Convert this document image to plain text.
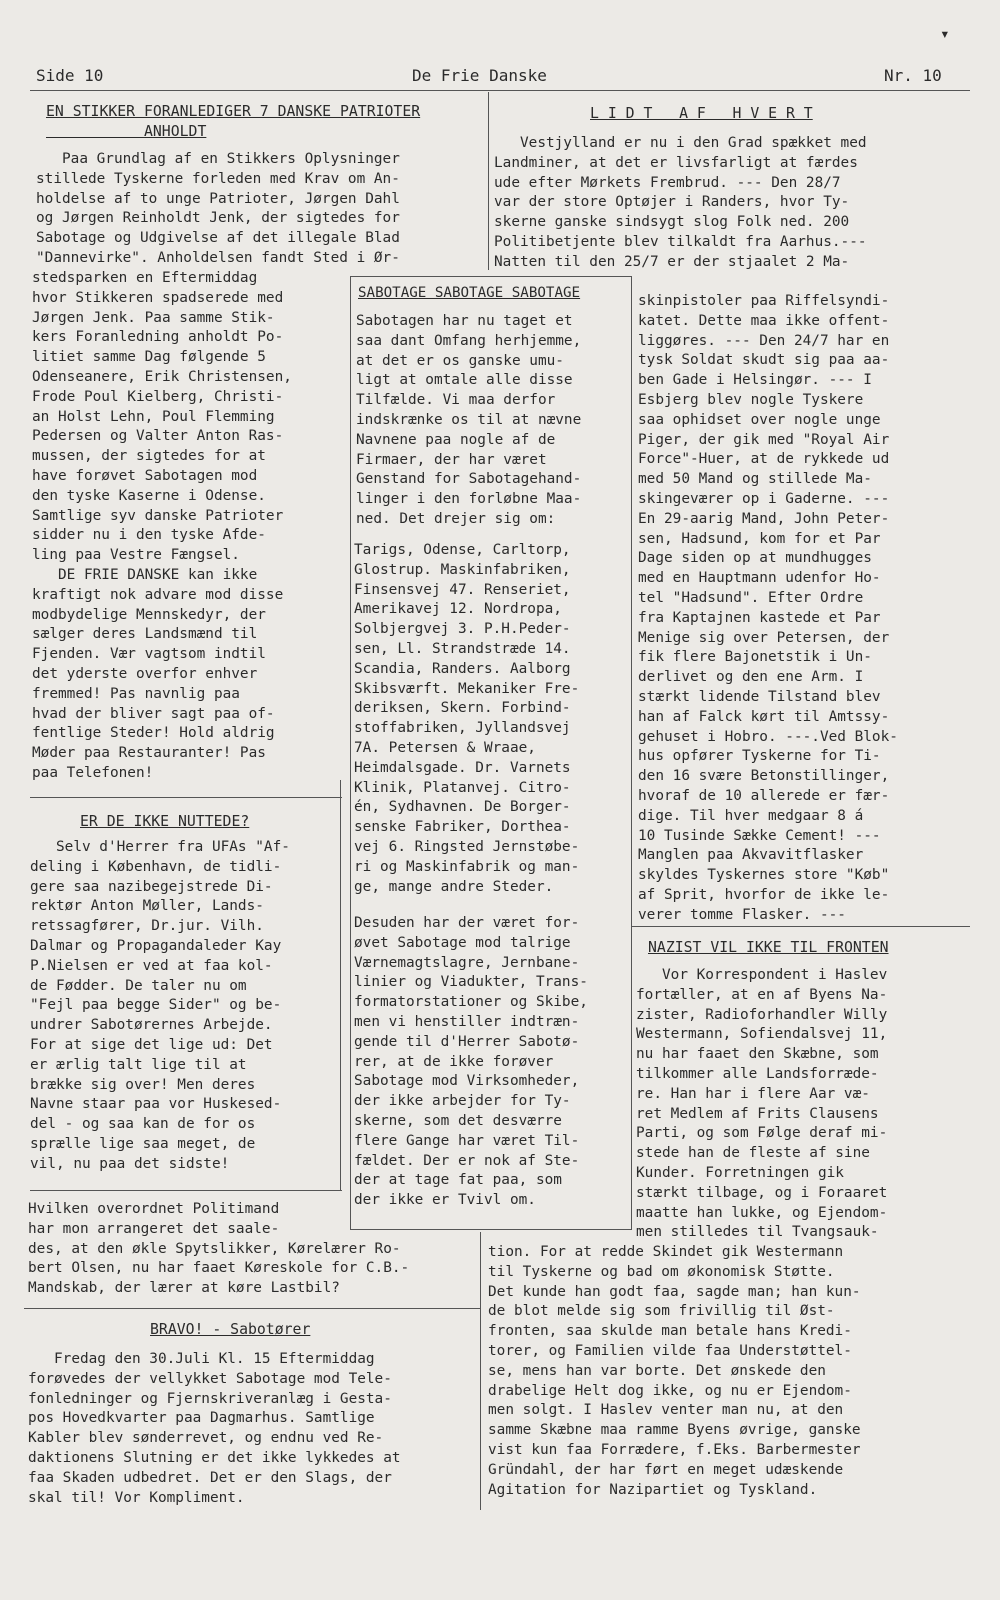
▾
Side 10	De Frie Danske	Nr. 10
EN STIKKER FORANLEDIGER 7 DANSKE PATRIOTER
ANHOLDT
Paa Grundlag af en Stikkers Oplysninger
stillede Tyskerne forleden med Krav om An-
holdelse af to unge Patrioter, Jørgen Dahl
og Jørgen Reinholdt Jenk, der sigtedes for
Sabotage og Udgivelse af det illegale Blad
"Dannevirke". Anholdelsen fandt Sted i Ør-
stedsparken en Eftermiddag
hvor Stikkeren spadserede med
Jørgen Jenk. Paa samme Stik-
kers Foranledning anholdt Po-
litiet samme Dag følgende 5
Odenseanere, Erik Christensen,
Frode Poul Kielberg, Christi-
an Holst Lehn, Poul Flemming
Pedersen og Valter Anton Ras-
mussen, der sigtedes for at
have forøvet Sabotagen mod
den tyske Kaserne i Odense.
Samtlige syv danske Patrioter
sidder nu i den tyske Afde-
ling paa Vestre Fængsel.
DE FRIE DANSKE kan ikke
kraftigt nok advare mod disse
modbydelige Mennskedyr, der
sælger deres Landsmænd til
Fjenden. Vær vagtsom indtil
det yderste overfor enhver
fremmed! Pas navnlig paa
hvad der bliver sagt paa of-
fentlige Steder! Hold aldrig
Møder paa Restauranter! Pas
paa Telefonen!
ER DE IKKE NUTTEDE?
Selv d'Herrer fra UFAs "Af-
deling i København, de tidli-
gere saa nazibegejstrede Di-
rektør Anton Møller, Lands-
retssagfører, Dr.jur. Vilh.
Dalmar og Propagandaleder Kay
P.Nielsen er ved at faa kol-
de Fødder. De taler nu om
"Fejl paa begge Sider" og be-
undrer Sabotørernes Arbejde.
For at sige det lige ud: Det
er ærlig talt lige til at
brække sig over! Men deres
Navne staar paa vor Huskesed-
del - og saa kan de for os
sprælle lige saa meget, de
vil, nu paa det sidste!
Hvilken overordnet Politimand
har mon arrangeret det saale-
des, at den økle Spytslikker, Kørelærer Ro-
bert Olsen, nu har faaet Køreskole for C.B.-
Mandskab, der lærer at køre Lastbil?
BRAVO! - Sabotører
Fredag den 30.Juli Kl. 15 Eftermiddag
forøvedes der vellykket Sabotage mod Tele-
fonledninger og Fjernskriveranlæg i Gesta-
pos Hovedkvarter paa Dagmarhus. Samtlige
Kabler blev sønderrevet, og endnu ved Re-
daktionens Slutning er det ikke lykkedes at
faa Skaden udbedret. Det er den Slags, der
skal til! Vor Kompliment.
SABOTAGE SABOTAGE SABOTAGE
Sabotagen har nu taget et
saa dant Omfang herhjemme,
at det er os ganske umu-
ligt at omtale alle disse
Tilfælde. Vi maa derfor
indskrænke os til at nævne
Navnene paa nogle af de
Firmaer, der har været
Genstand for Sabotagehand-
linger i den forløbne Maa-
ned. Det drejer sig om:
Tarigs, Odense, Carltorp,
Glostrup. Maskinfabriken,
Finsensvej 47. Renseriet,
Amerikavej 12. Nordropa,
Solbjergvej 3. P.H.Peder-
sen, Ll. Strandstræde 14.
Scandia, Randers. Aalborg
Skibsværft. Mekaniker Fre-
deriksen, Skern. Forbind-
stoffabriken, Jyllandsvej
7A. Petersen & Wraae,
Heimdalsgade. Dr. Varnets
Klinik, Platanvej. Citro-
én, Sydhavnen. De Borger-
senske Fabriker, Dorthea-
vej 6. Ringsted Jernstøbe-
ri og Maskinfabrik og man-
ge, mange andre Steder.
Desuden har der været for-
øvet Sabotage mod talrige
Værnemagtslagre, Jernbane-
linier og Viadukter, Trans-
formatorstationer og Skibe,
men vi henstiller indtræn-
gende til d'Herrer Sabotø-
rer, at de ikke forøver
Sabotage mod Virksomheder,
der ikke arbejder for Ty-
skerne, som det desværre
flere Gange har været Til-
fældet. Der er nok af Ste-
der at tage fat paa, som
der ikke er Tvivl om.
L I D T   A F   H V E R T
Vestjylland er nu i den Grad spækket med
Landminer, at det er livsfarligt at færdes
ude efter Mørkets Frembrud. --- Den 28/7
var der store Optøjer i Randers, hvor Ty-
skerne ganske sindsygt slog Folk ned. 200
Politibetjente blev tilkaldt fra Aarhus.---
Natten til den 25/7 er der stjaalet 2 Ma-
skinpistoler paa Riffelsyndi-
katet. Dette maa ikke offent-
liggøres. --- Den 24/7 har en
tysk Soldat skudt sig paa aa-
ben Gade i Helsingør. --- I
Esbjerg blev nogle Tyskere
saa ophidset over nogle unge
Piger, der gik med "Royal Air
Force"-Huer, at de rykkede ud
med 50 Mand og stillede Ma-
skingeværer op i Gaderne. ---
En 29-aarig Mand, John Peter-
sen, Hadsund, kom for et Par
Dage siden op at mundhugges
med en Hauptmann udenfor Ho-
tel "Hadsund". Efter Ordre
fra Kaptajnen kastede et Par
Menige sig over Petersen, der
fik flere Bajonetstik i Un-
derlivet og den ene Arm. I
stærkt lidende Tilstand blev
han af Falck kørt til Amtssy-
gehuset i Hobro. ---.Ved Blok-
hus opfører Tyskerne for Ti-
den 16 svære Betonstillinger,
hvoraf de 10 allerede er fær-
dige. Til hver medgaar 8 á
10 Tusinde Sække Cement! ---
Manglen paa Akvavitflasker
skyldes Tyskernes store "Køb"
af Sprit, hvorfor de ikke le-
verer tomme Flasker. ---
NAZIST VIL IKKE TIL FRONTEN
Vor Korrespondent i Haslev
fortæller, at en af Byens Na-
zister, Radioforhandler Willy
Westermann, Sofiendalsvej 11,
nu har faaet den Skæbne, som
tilkommer alle Landsforræde-
re. Han har i flere Aar væ-
ret Medlem af Frits Clausens
Parti, og som Følge deraf mi-
stede han de fleste af sine
Kunder. Forretningen gik
stærkt tilbage, og i Foraaret
maatte han lukke, og Ejendom-
men stilledes til Tvangsauk-
tion. For at redde Skindet gik Westermann
til Tyskerne og bad om økonomisk Støtte.
Det kunde han godt faa, sagde man; han kun-
de blot melde sig som frivillig til Øst-
fronten, saa skulde man betale hans Kredi-
torer, og Familien vilde faa Understøttel-
se, mens han var borte. Det ønskede den
drabelige Helt dog ikke, og nu er Ejendom-
men solgt. I Haslev venter man nu, at den
samme Skæbne maa ramme Byens øvrige, ganske
vist kun faa Forrædere, f.Eks. Barbermester
Gründahl, der har ført en meget udæskende
Agitation for Nazipartiet og Tyskland.
